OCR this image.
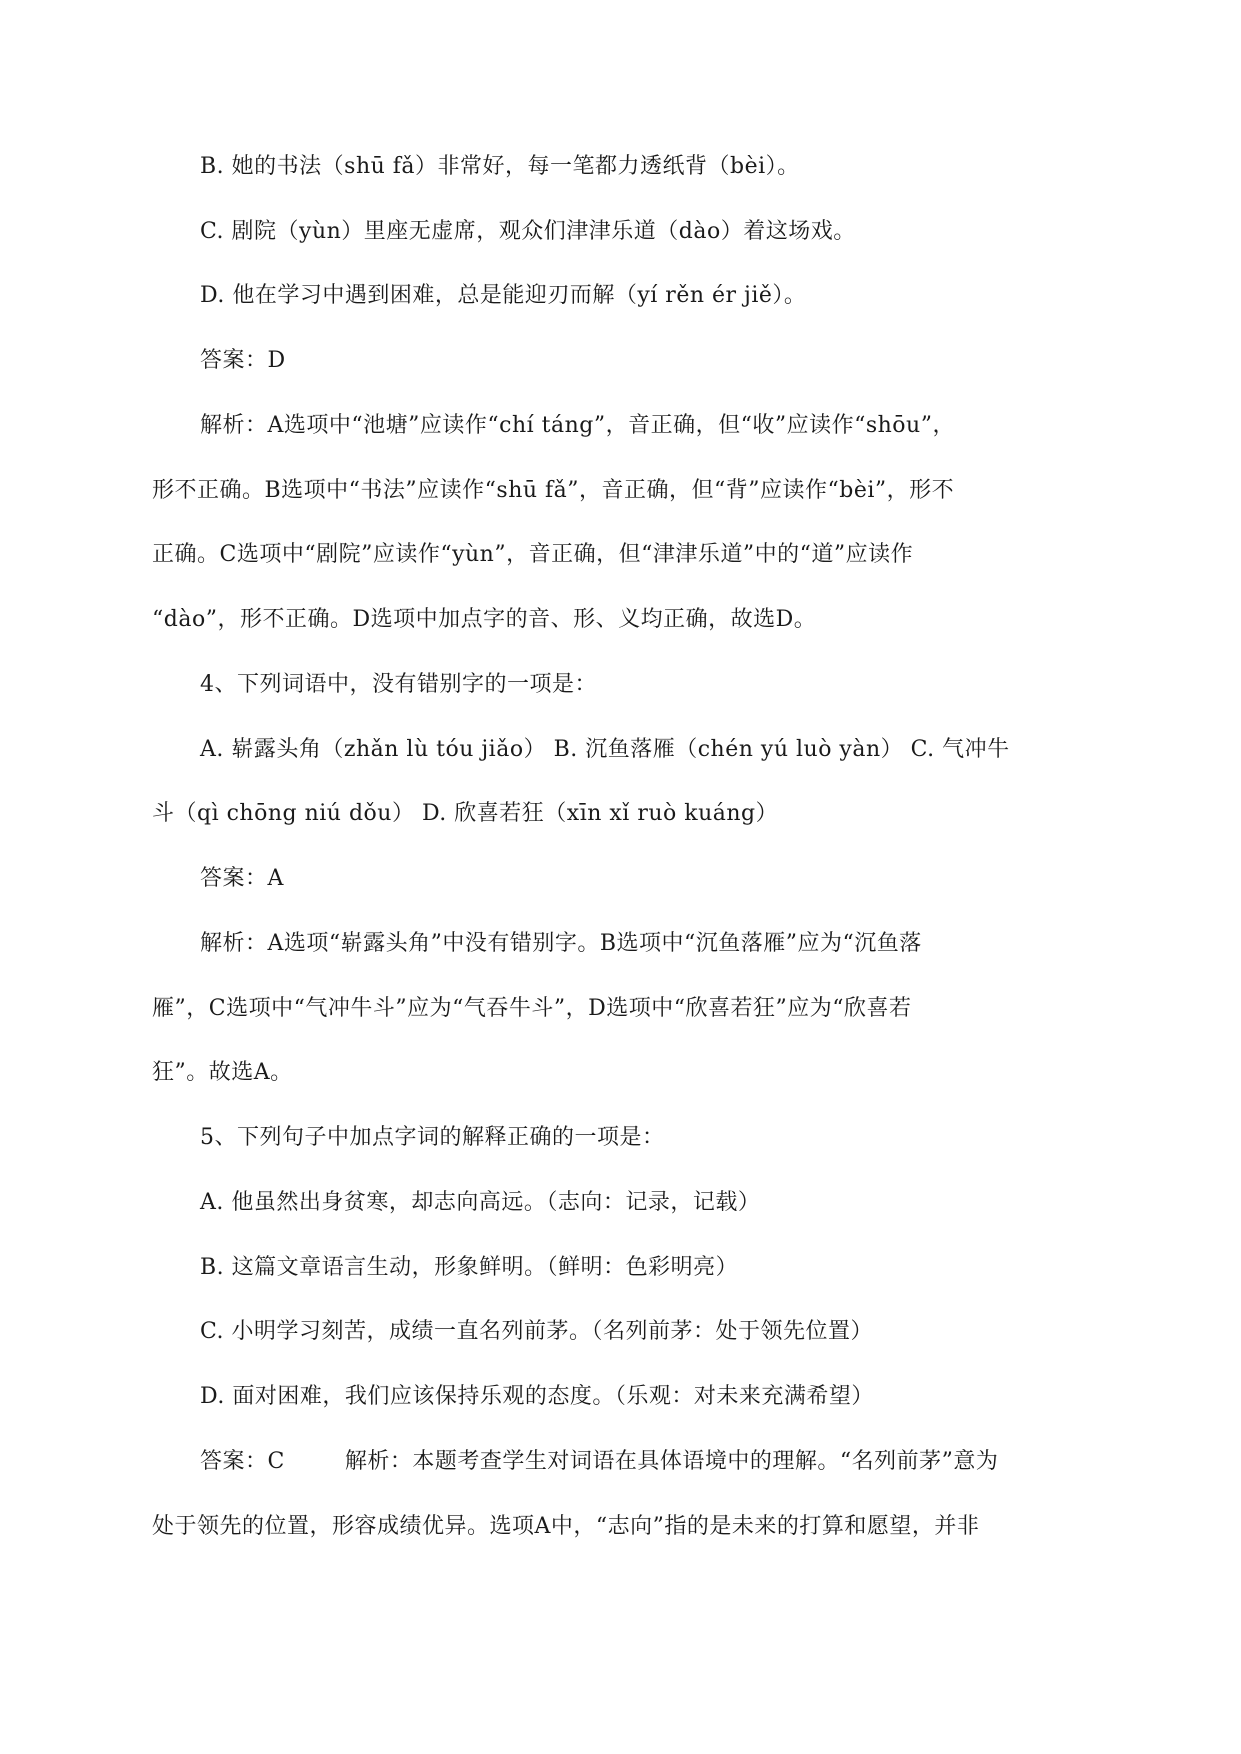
B. 她的书法（shū fǎ）非常好，每一笔都力透纸背（bèi）。
C. 剧院（yùn）里座无虚席，观众们津津乐道（dào）着这场戏。
D. 他在学习中遇到困难，总是能迎刃而解（yí rěn ér jiě）。
答案：D
解析：A选项中“池塘”应读作“chí táng”，音正确，但“收”应读作“shōu”，
形不正确。B选项中“书法”应读作“shū fǎ”，音正确，但“背”应读作“bèi”，形不
正确。C选项中“剧院”应读作“yùn”，音正确，但“津津乐道”中的“道”应读作
“dào”，形不正确。D选项中加点字的音、形、义均正确，故选D。
4、下列词语中，没有错别字的一项是：
A. 崭露头角（zhǎn lù tóu jiǎo） B. 沉鱼落雁（chén yú luò yàn） C. 气冲牛
斗（qì chōng niú dǒu） D. 欣喜若狂（xīn xǐ ruò kuáng）
答案：A
解析：A选项“崭露头角”中没有错别字。B选项中“沉鱼落雁”应为“沉鱼落
雁”，C选项中“气冲牛斗”应为“气吞牛斗”，D选项中“欣喜若狂”应为“欣喜若
狂”。故选A。
5、下列句子中加点字词的解释正确的一项是：
A. 他虽然出身贫寒，却志向高远。（志向：记录，记载）
B. 这篇文章语言生动，形象鲜明。（鲜明：色彩明亮）
C. 小明学习刻苦，成绩一直名列前茅。（名列前茅：处于领先位置）
D. 面对困难，我们应该保持乐观的态度。（乐观：对未来充满希望）
答案：C	解析：本题考查学生对词语在具体语境中的理解。“名列前茅”意为
处于领先的位置，形容成绩优异。选项A中，“志向”指的是未来的打算和愿望，并非
